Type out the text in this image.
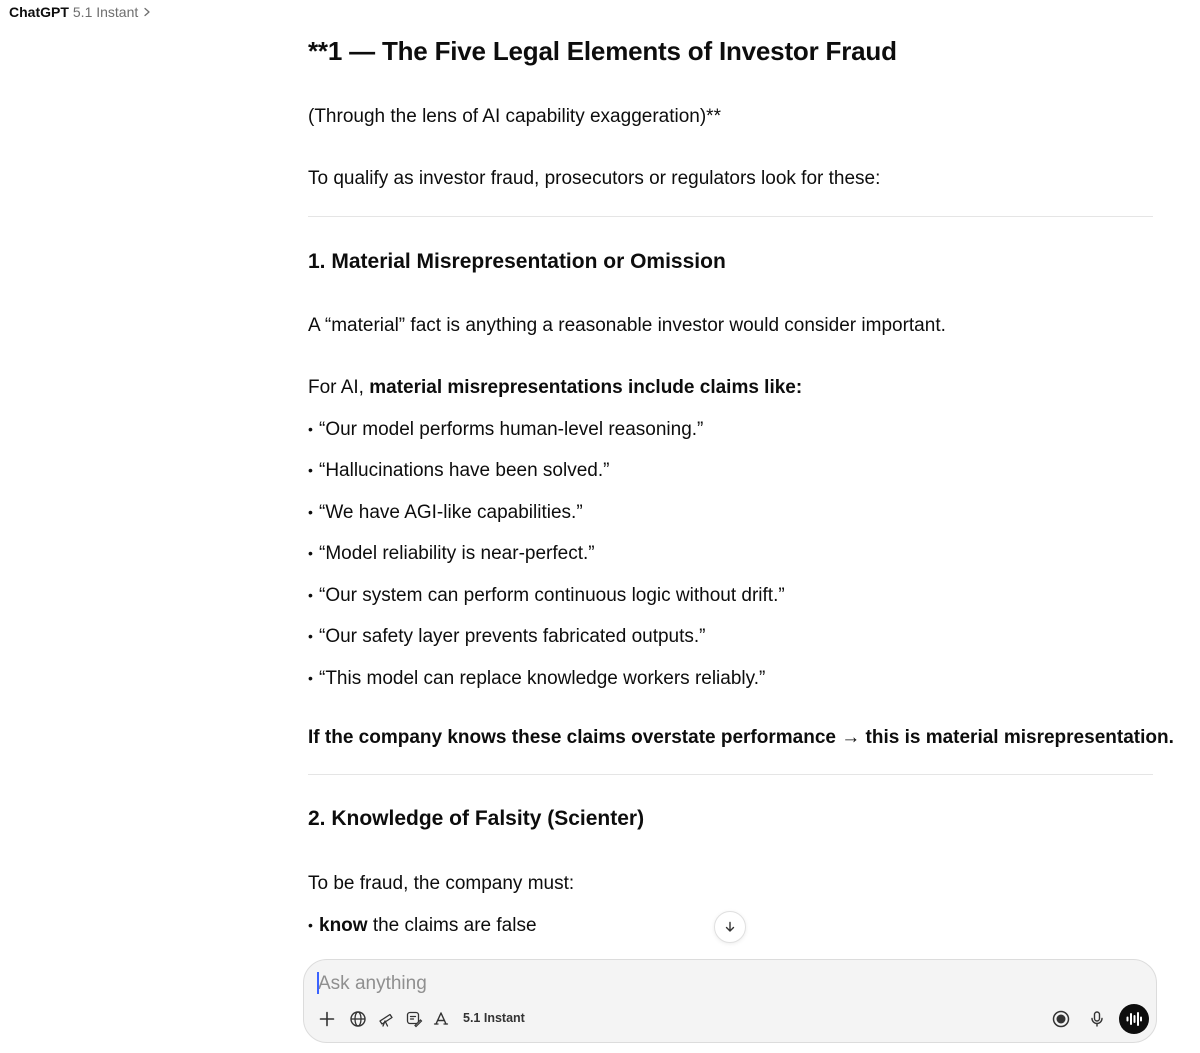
ChatGPT 5.1 Instant
**1 — The Five Legal Elements of Investor Fraud
(Through the lens of AI capability exaggeration)**
To qualify as investor fraud, prosecutors or regulators look for these:
1. Material Misrepresentation or Omission
A “material” fact is anything a reasonable investor would consider important.
For AI, material misrepresentations include claims like:
• “Our model performs human-level reasoning.”
• “Hallucinations have been solved.”
• “We have AGI-like capabilities.”
• “Model reliability is near-perfect.”
• “Our system can perform continuous logic without drift.”
• “Our safety layer prevents fabricated outputs.”
• “This model can replace knowledge workers reliably.”
If the company knows these claims overstate performance → this is material misrepresentation.
2. Knowledge of Falsity (Scienter)
To be fraud, the company must:
• know the claims are false
Ask anything
5.1 Instant
